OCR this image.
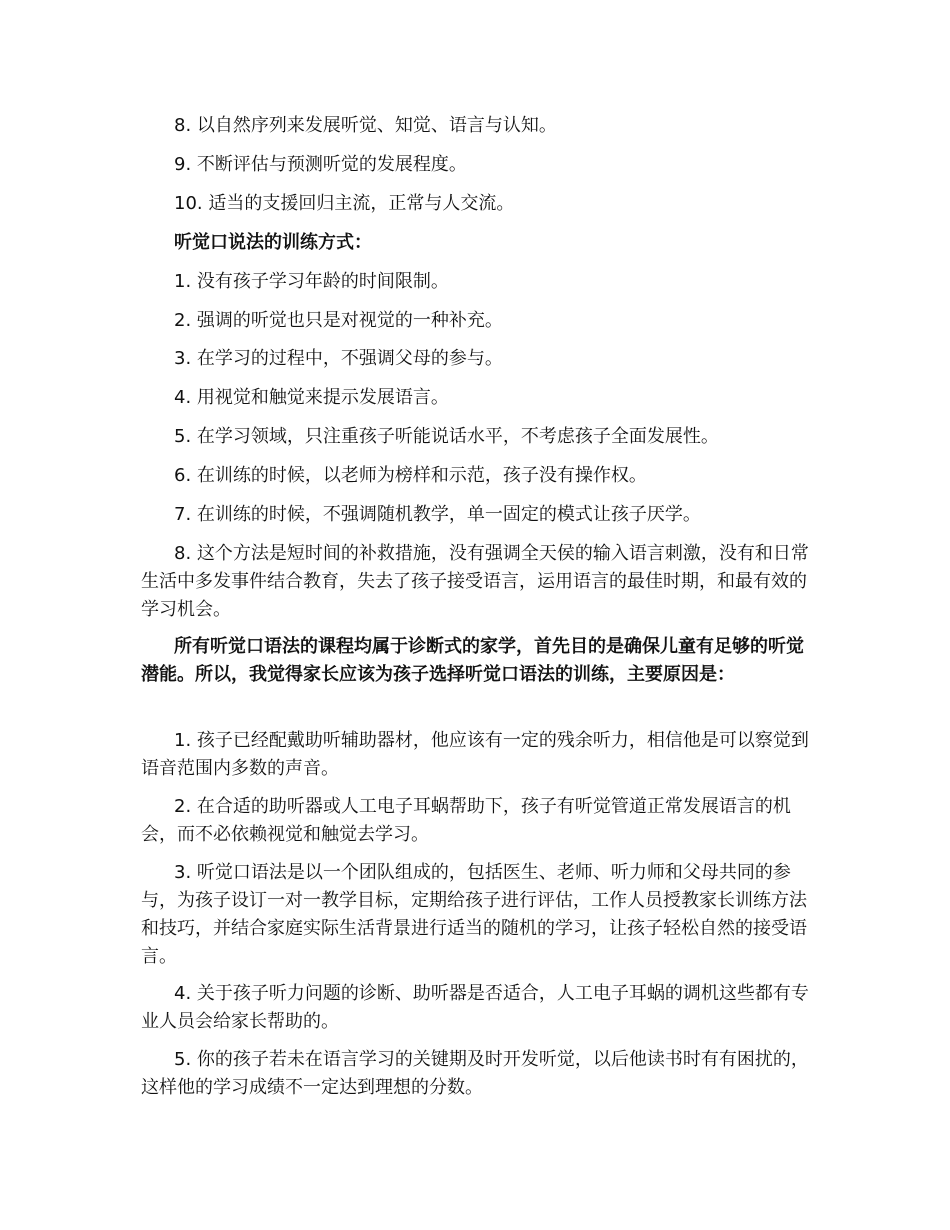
8. 以自然序列来发展听觉、知觉、语言与认知。

9. 不断评估与预测听觉的发展程度。

10. 适当的支援回归主流，正常与人交流。

听觉口说法的训练方式：

1. 没有孩子学习年龄的时间限制。

2. 强调的听觉也只是对视觉的一种补充。

3. 在学习的过程中，不强调父母的参与。

4. 用视觉和触觉来提示发展语言。

5. 在学习领域，只注重孩子听能说话水平，不考虑孩子全面发展性。

6. 在训练的时候，以老师为榜样和示范，孩子没有操作权。

7. 在训练的时候，不强调随机教学，单一固定的模式让孩子厌学。

8. 这个方法是短时间的补救措施，没有强调全天侯的输入语言刺激，没有和日常生活中多发事件结合教育，失去了孩子接受语言，运用语言的最佳时期，和最有效的学习机会。

所有听觉口语法的课程均属于诊断式的家学，首先目的是确保儿童有足够的听觉潜能。所以，我觉得家长应该为孩子选择听觉口语法的训练，主要原因是：

1. 孩子已经配戴助听辅助器材，他应该有一定的残余听力，相信他是可以察觉到语音范围内多数的声音。

2. 在合适的助听器或人工电子耳蜗帮助下，孩子有听觉管道正常发展语言的机会，而不必依赖视觉和触觉去学习。

3. 听觉口语法是以一个团队组成的，包括医生、老师、听力师和父母共同的参与，为孩子设订一对一教学目标，定期给孩子进行评估，工作人员授教家长训练方法和技巧，并结合家庭实际生活背景进行适当的随机的学习，让孩子轻松自然的接受语言。

4. 关于孩子听力问题的诊断、助听器是否适合，人工电子耳蜗的调机这些都有专业人员会给家长帮助的。

5. 你的孩子若未在语言学习的关键期及时开发听觉，以后他读书时有有困扰的，这样他的学习成绩不一定达到理想的分数。
